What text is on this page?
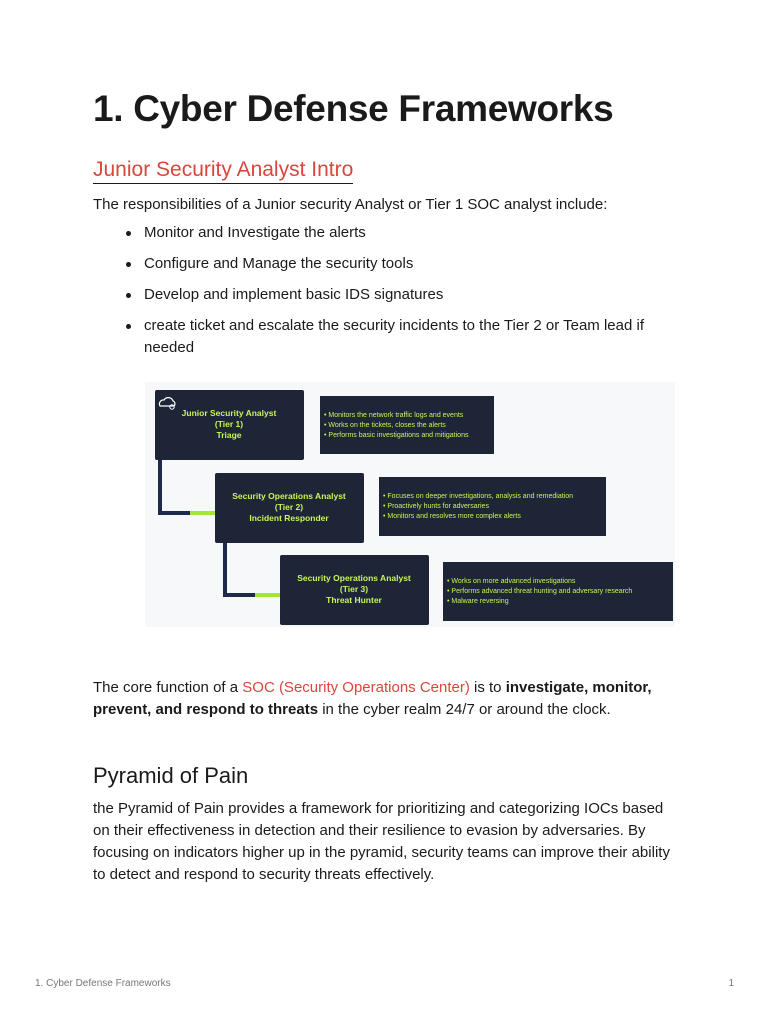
1. Cyber Defense Frameworks
Junior Security Analyst Intro

The responsibilities of a Junior security Analyst or Tier 1 SOC analyst include:

Monitor and Investigate the alerts
Configure and Manage the security tools
Develop and implement basic IDS signatures
create ticket and escalate the security incidents to the Tier 2 or Team lead if needed

The core function of a SOC (Security Operations Center) is to investigate, monitor, prevent, and respond to threats in the cyber realm 24/7 or around the clock.

Pyramid of Pain

the Pyramid of Pain provides a framework for prioritizing and categorizing IOCs based on their effectiveness in detection and their resilience to evasion by adversaries. By focusing on indicators higher up in the pyramid, security teams can improve their ability to detect and respond to security threats effectively.

Junior Security Analyst
(Tier 1)
Triage
• Monitors the network traffic logs and events
• Works on the tickets, closes the alerts
• Performs basic investigations and mitigations
Security Operations Analyst
(Tier 2)
Incident Responder
• Focuses on deeper investigations, analysis and remediation
• Proactively hunts for adversaries
• Monitors and resolves more complex alerts
Security Operations Analyst
(Tier 3)
Threat Hunter
• Works on more advanced investigations
• Performs advanced threat hunting and adversary research
• Malware reversing
1. Cyber Defense Frameworks	1
